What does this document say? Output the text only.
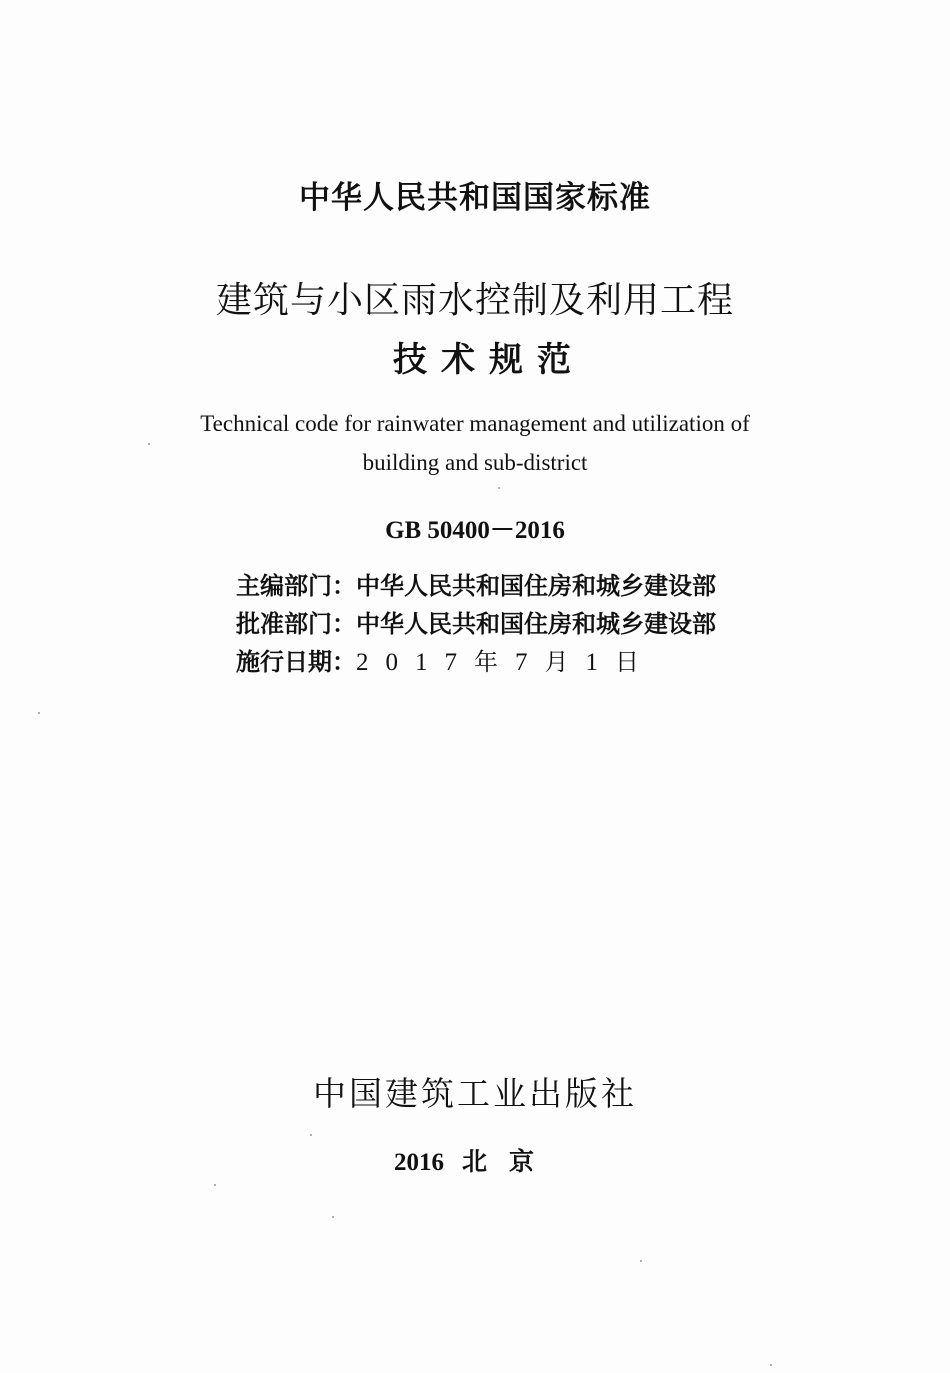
中华人民共和国国家标准
建筑与小区雨水控制及利用工程
技术规范
Technical code for rainwater management and utilization of
building and sub-district
GB 50400－2016
主编部门：中华人民共和国住房和城乡建设部
批准部门：中华人民共和国住房和城乡建设部
施行日期：2 0 1 7 年 7 月 1 日
中国建筑工业出版社
2016 北京
